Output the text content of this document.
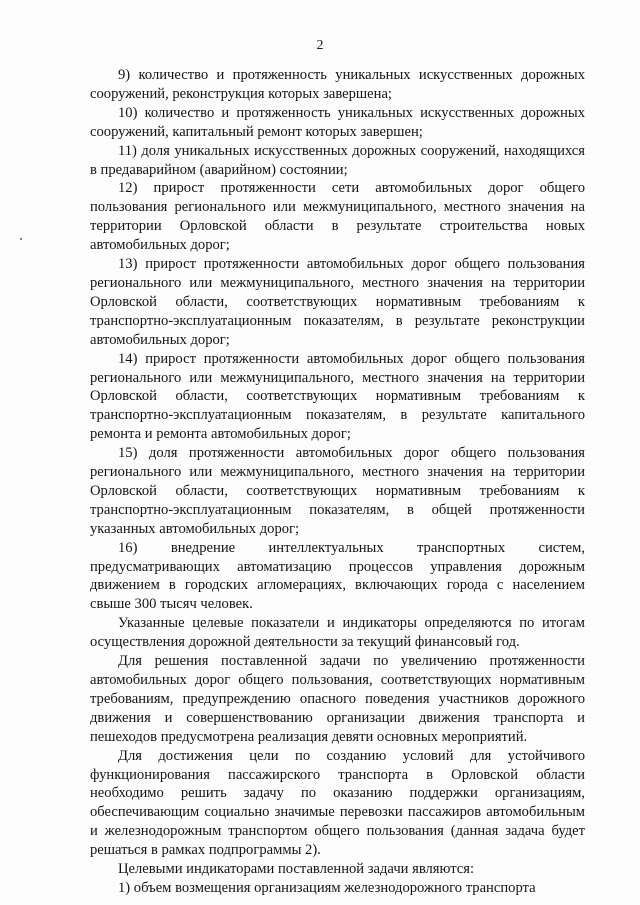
2

9) количество и протяженность уникальных искусственных дорожных сооружений, реконструкция которых завершена;

10) количество и протяженность уникальных искусственных дорожных сооружений, капитальный ремонт которых завершен;

11) доля уникальных искусственных дорожных сооружений, находящихся в предаварийном (аварийном) состоянии;

12) прирост протяженности сети автомобильных дорог общего пользования регионального или межмуниципального, местного значения на территории Орловской области в результате строительства новых автомобильных дорог;

13) прирост протяженности автомобильных дорог общего пользования регионального или межмуниципального, местного значения на территории Орловской области, соответствующих нормативным требованиям к транспортно-эксплуатационным показателям, в результате реконструкции автомобильных дорог;

14) прирост протяженности автомобильных дорог общего пользования регионального или межмуниципального, местного значения на территории Орловской области, соответствующих нормативным требованиям к транспортно-эксплуатационным показателям, в результате капитального ремонта и ремонта автомобильных дорог;

15) доля протяженности автомобильных дорог общего пользования регионального или межмуниципального, местного значения на территории Орловской области, соответствующих нормативным требованиям к транспортно-эксплуатационным показателям, в общей протяженности указанных автомобильных дорог;

16) внедрение интеллектуальных транспортных систем, предусматривающих автоматизацию процессов управления дорожным движением в городских агломерациях, включающих города с населением свыше 300 тысяч человек.

Указанные целевые показатели и индикаторы определяются по итогам осуществления дорожной деятельности за текущий финансовый год.

Для решения поставленной задачи по увеличению протяженности автомобильных дорог общего пользования, соответствующих нормативным требованиям, предупреждению опасного поведения участников дорожного движения и совершенствованию организации движения транспорта и пешеходов предусмотрена реализация девяти основных мероприятий.

Для достижения цели по созданию условий для устойчивого функционирования пассажирского транспорта в Орловской области необходимо решить задачу по оказанию поддержки организациям, обеспечивающим социально значимые перевозки пассажиров автомобильным и железнодорожным транспортом общего пользования (данная задача будет решаться в рамках подпрограммы 2).

Целевыми индикаторами поставленной задачи являются:

1) объем возмещения организациям железнодорожного транспорта
